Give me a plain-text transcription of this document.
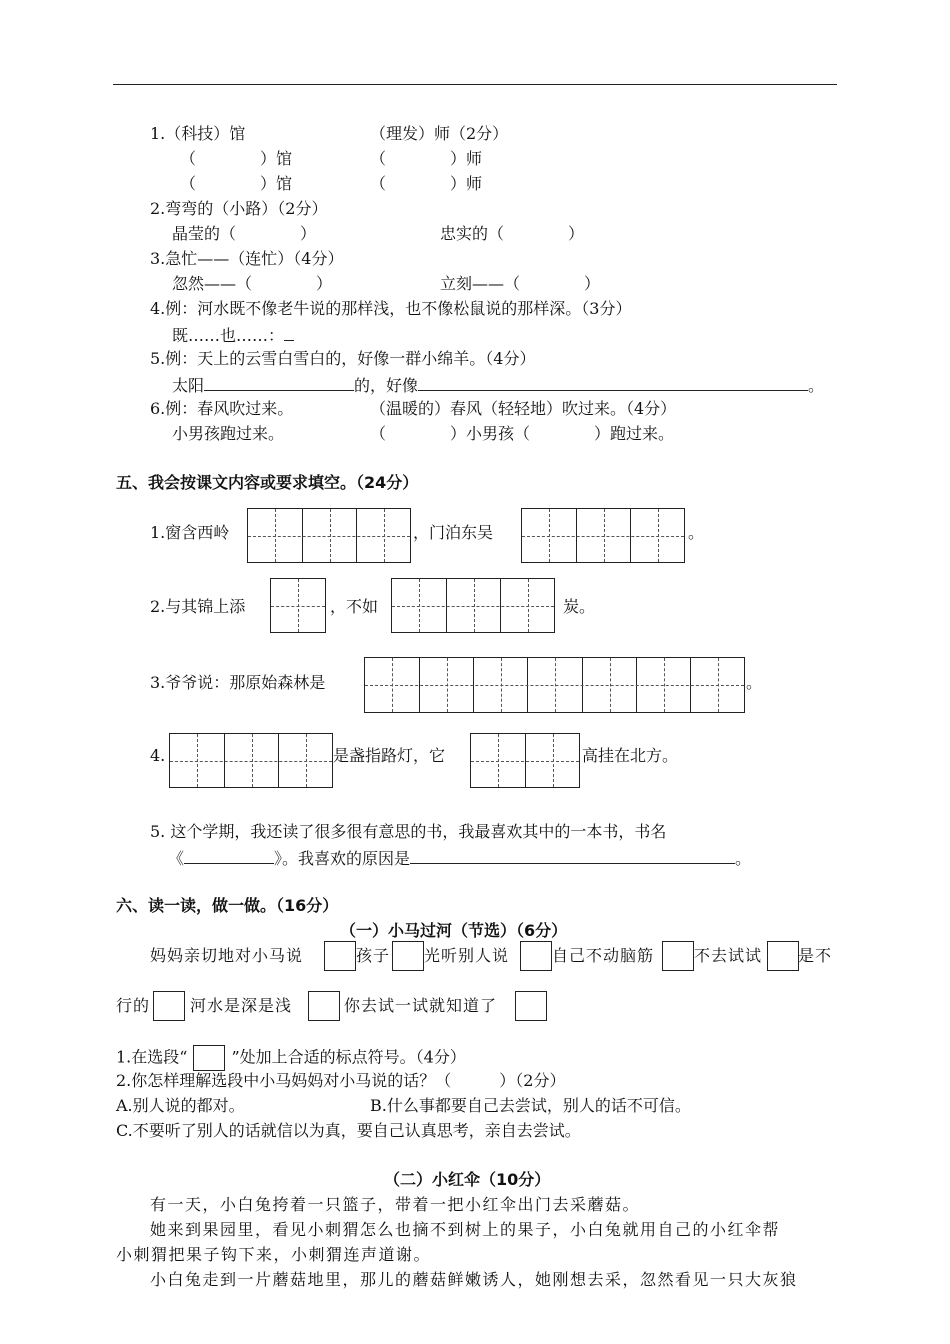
1.（科技）馆	（理发）师（2分）
（　　　　）馆	（　　　　）师
（　　　　）馆	（　　　　）师
2.弯弯的（小路）（2分）
晶莹的（　　　　）	忠实的（　　　　）
3.急忙——（连忙）（4分）
忽然——（　　　　）	立刻——（　　　　）
4.例：河水既不像老牛说的那样浅，也不像松鼠说的那样深。（3分）
既……也……：
5.例：天上的云雪白雪白的，好像一群小绵羊。（4分）
太阳	的，好像	。
6.例：春风吹过来。	（温暖的）春风（轻轻地）吹过来。（4分）
小男孩跑过来。	（　　　　）小男孩（　　　　）跑过来。
五、我会按课文内容或要求填空。（24分）
1.窗含西岭	，门泊东吴	。
2.与其锦上添	，不如	炭。
3.爷爷说：那原始森林是	。
4.	是盏指路灯，它	高挂在北方。
5. 这个学期，我还读了很多很有意思的书，我最喜欢其中的一本书，书名
《	》。我喜欢的原因是	。
六、读一读，做一做。（16分）
（一）小马过河（节选）（6分）
妈妈亲切地对小马说	孩子 光听别人说	自己不动脑筋 不去试试 是不
行的 河水是深是浅	你去试一试就知道了
1.在选段“	”处加上合适的标点符号。（4分）
2.你怎样理解选段中小马妈妈对小马说的话？（　　　）（2分）
A.别人说的都对。	B.什么事都要自己去尝试，别人的话不可信。
C.不要听了别人的话就信以为真，要自己认真思考，亲自去尝试。
（二）小红伞（10分）
有一天，小白兔挎着一只篮子，带着一把小红伞出门去采蘑菇。
她来到果园里，看见小刺猬怎么也摘不到树上的果子，小白兔就用自己的小红伞帮
小刺猬把果子钩下来，小刺猬连声道谢。
小白兔走到一片蘑菇地里，那儿的蘑菇鲜嫩诱人，她刚想去采，忽然看见一只大灰狼
